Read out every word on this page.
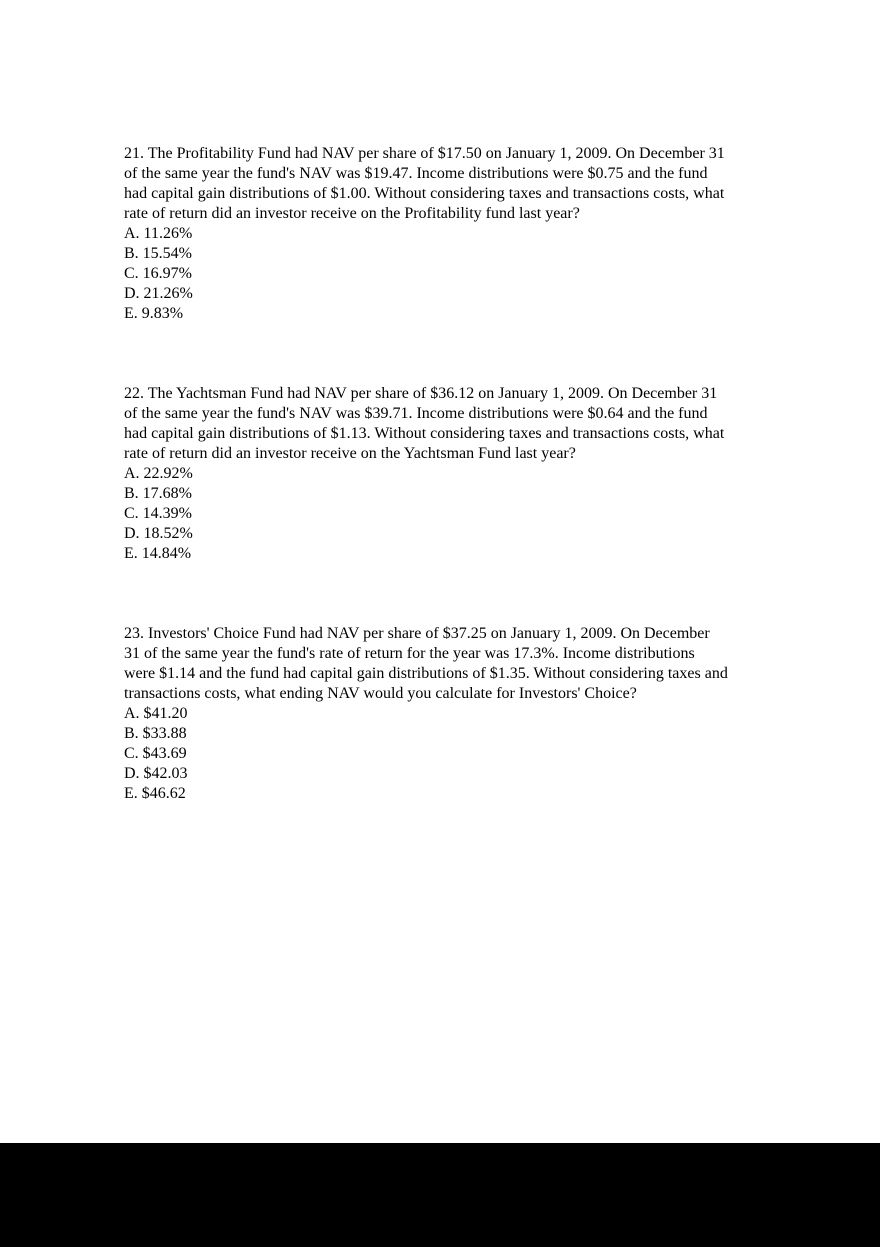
21. The Profitability Fund had NAV per share of $17.50 on January 1, 2009. On December 31
of the same year the fund's NAV was $19.47. Income distributions were $0.75 and the fund
had capital gain distributions of $1.00. Without considering taxes and transactions costs, what
rate of return did an investor receive on the Profitability fund last year?
A. 11.26%
B. 15.54%
C. 16.97%
D. 21.26%
E. 9.83%
22. The Yachtsman Fund had NAV per share of $36.12 on January 1, 2009. On December 31
of the same year the fund's NAV was $39.71. Income distributions were $0.64 and the fund
had capital gain distributions of $1.13. Without considering taxes and transactions costs, what
rate of return did an investor receive on the Yachtsman Fund last year?
A. 22.92%
B. 17.68%
C. 14.39%
D. 18.52%
E. 14.84%
23. Investors' Choice Fund had NAV per share of $37.25 on January 1, 2009. On December
31 of the same year the fund's rate of return for the year was 17.3%. Income distributions
were $1.14 and the fund had capital gain distributions of $1.35. Without considering taxes and
transactions costs, what ending NAV would you calculate for Investors' Choice?
A. $41.20
B. $33.88
C. $43.69
D. $42.03
E. $46.62
